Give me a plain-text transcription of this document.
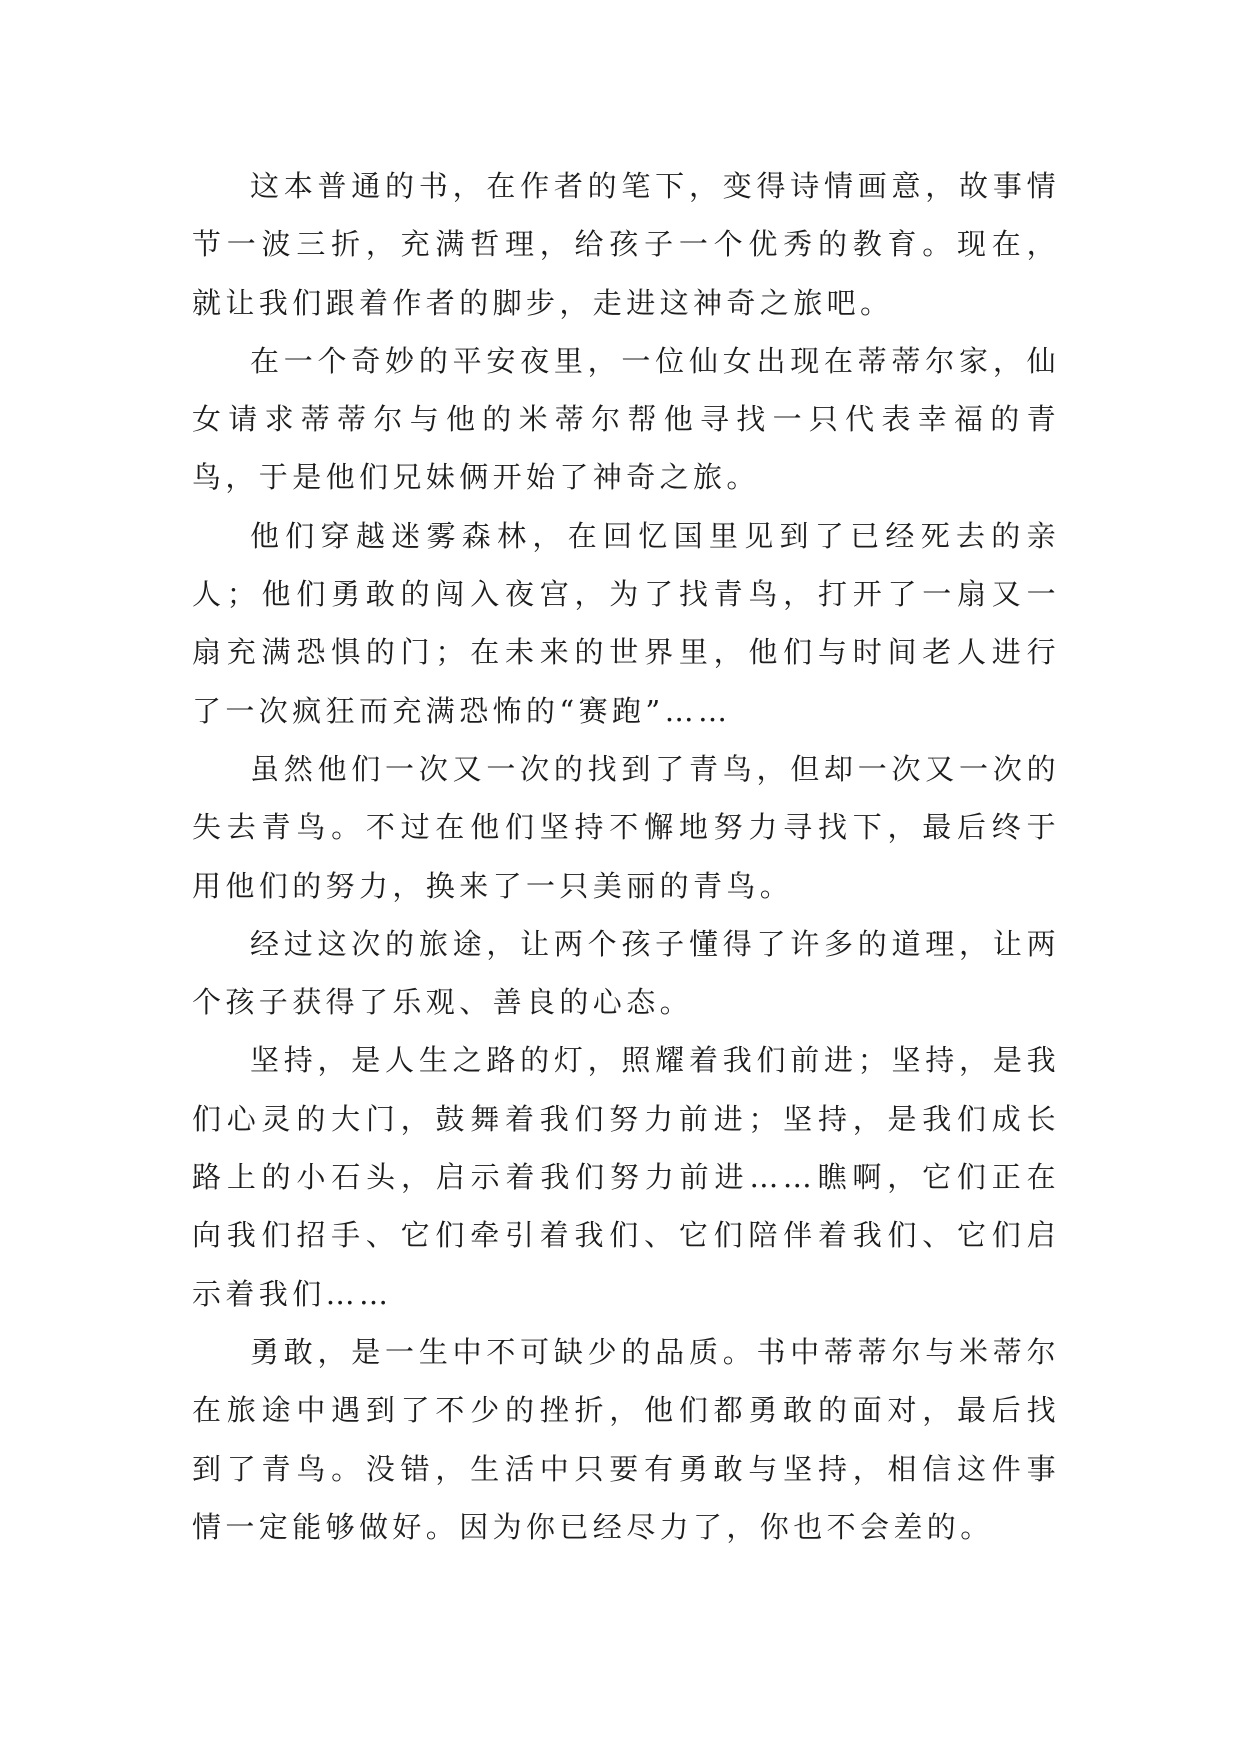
这本普通的书，在作者的笔下，变得诗情画意，故事情节一波三折，充满哲理，给孩子一个优秀的教育。现在，就让我们跟着作者的脚步，走进这神奇之旅吧。

在一个奇妙的平安夜里，一位仙女出现在蒂蒂尔家，仙女请求蒂蒂尔与他的米蒂尔帮他寻找一只代表幸福的青鸟，于是他们兄妹俩开始了神奇之旅。

他们穿越迷雾森林，在回忆国里见到了已经死去的亲人；他们勇敢的闯入夜宫，为了找青鸟，打开了一扇又一扇充满恐惧的门；在未来的世界里，他们与时间老人进行了一次疯狂而充满恐怖的“赛跑”……

虽然他们一次又一次的找到了青鸟，但却一次又一次的失去青鸟。不过在他们坚持不懈地努力寻找下，最后终于用他们的努力，换来了一只美丽的青鸟。

经过这次的旅途，让两个孩子懂得了许多的道理，让两个孩子获得了乐观、善良的心态。

坚持，是人生之路的灯，照耀着我们前进；坚持，是我们心灵的大门，鼓舞着我们努力前进；坚持，是我们成长路上的小石头，启示着我们努力前进……瞧啊，它们正在向我们招手、它们牵引着我们、它们陪伴着我们、它们启示着我们……

勇敢，是一生中不可缺少的品质。书中蒂蒂尔与米蒂尔在旅途中遇到了不少的挫折，他们都勇敢的面对，最后找到了青鸟。没错，生活中只要有勇敢与坚持，相信这件事情一定能够做好。因为你已经尽力了，你也不会差的。
